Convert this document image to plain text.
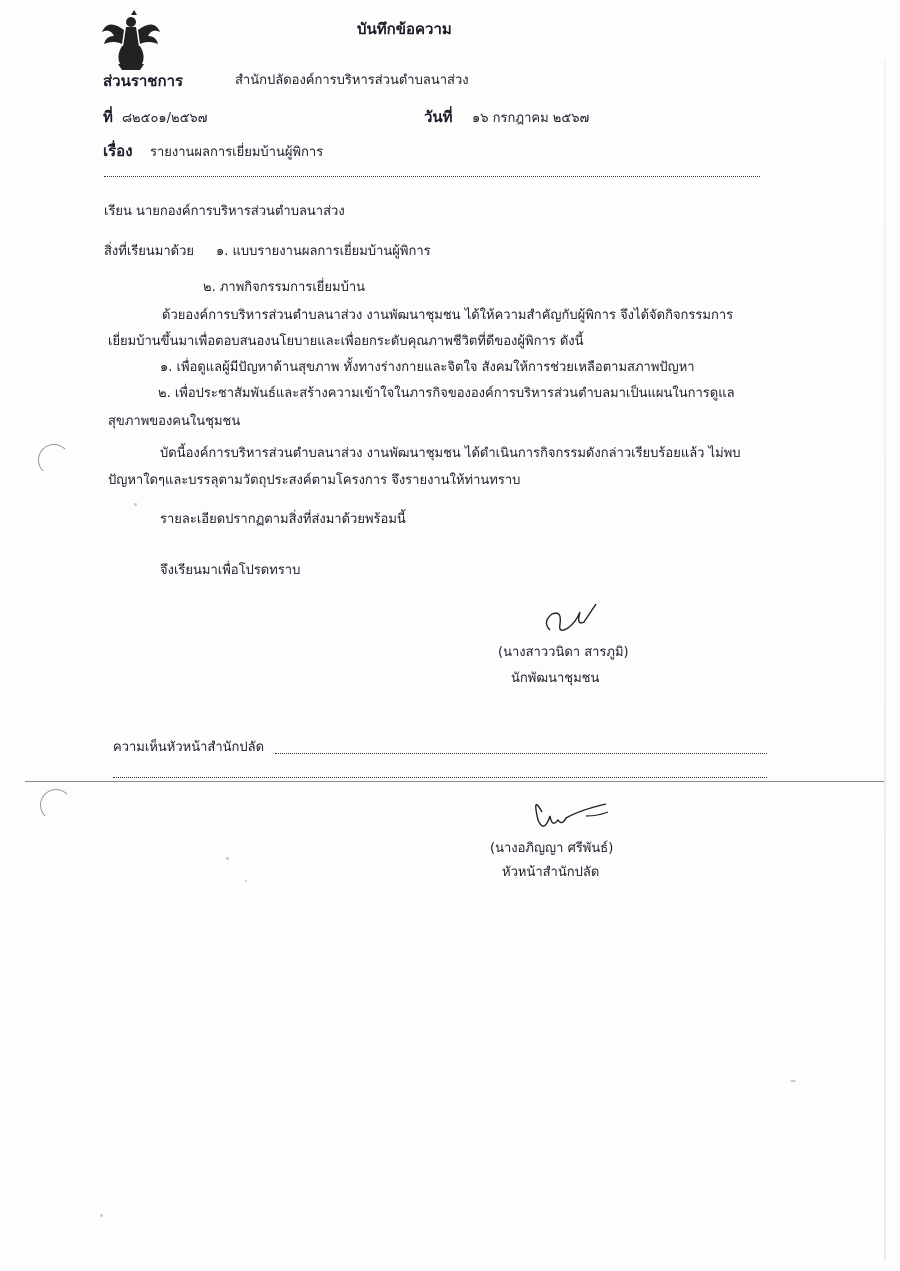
บันทึกข้อความ
ส่วนราชการ	สำนักปลัดองค์การบริหารส่วนตำบลนาส่วง
ที่ ๘๒๕๐๑/๒๕๖๗	วันที่ ๑๖ กรกฎาคม ๒๕๖๗
เรื่อง รายงานผลการเยี่ยมบ้านผู้พิการ
เรียน นายกองค์การบริหารส่วนตำบลนาส่วง
สิ่งที่เรียนมาด้วย ๑. แบบรายงานผลการเยี่ยมบ้านผู้พิการ
๒. ภาพกิจกรรมการเยี่ยมบ้าน
ด้วยองค์การบริหารส่วนตำบลนาส่วง งานพัฒนาชุมชน ได้ให้ความสำคัญกับผู้พิการ จึงได้จัดกิจกรรมการ
เยี่ยมบ้านขึ้นมาเพื่อตอบสนองนโยบายและเพื่อยกระดับคุณภาพชีวิตที่ดีของผู้พิการ ดังนี้
๑. เพื่อดูแลผู้มีปัญหาด้านสุขภาพ ทั้งทางร่างกายและจิตใจ สังคมให้การช่วยเหลือตามสภาพปัญหา
๒. เพื่อประชาสัมพันธ์และสร้างความเข้าใจในภารกิจขององค์การบริหารส่วนตำบลมาเป็นแผนในการดูแล
สุขภาพของคนในชุมชน
บัดนี้องค์การบริหารส่วนตำบลนาส่วง งานพัฒนาชุมชน ได้ดำเนินการกิจกรรมดังกล่าวเรียบร้อยแล้ว ไม่พบ
ปัญหาใดๆและบรรลุตามวัตถุประสงค์ตามโครงการ จึงรายงานให้ท่านทราบ
รายละเอียดปรากฏตามสิ่งที่ส่งมาด้วยพร้อมนี้
จึงเรียนมาเพื่อโปรดทราบ
(นางสาววนิดา สารภูมิ)
นักพัฒนาชุมชน
ความเห็นหัวหน้าสำนักปลัด
(นางอภิญญา ศรีพันธ์)
หัวหน้าสำนักปลัด
